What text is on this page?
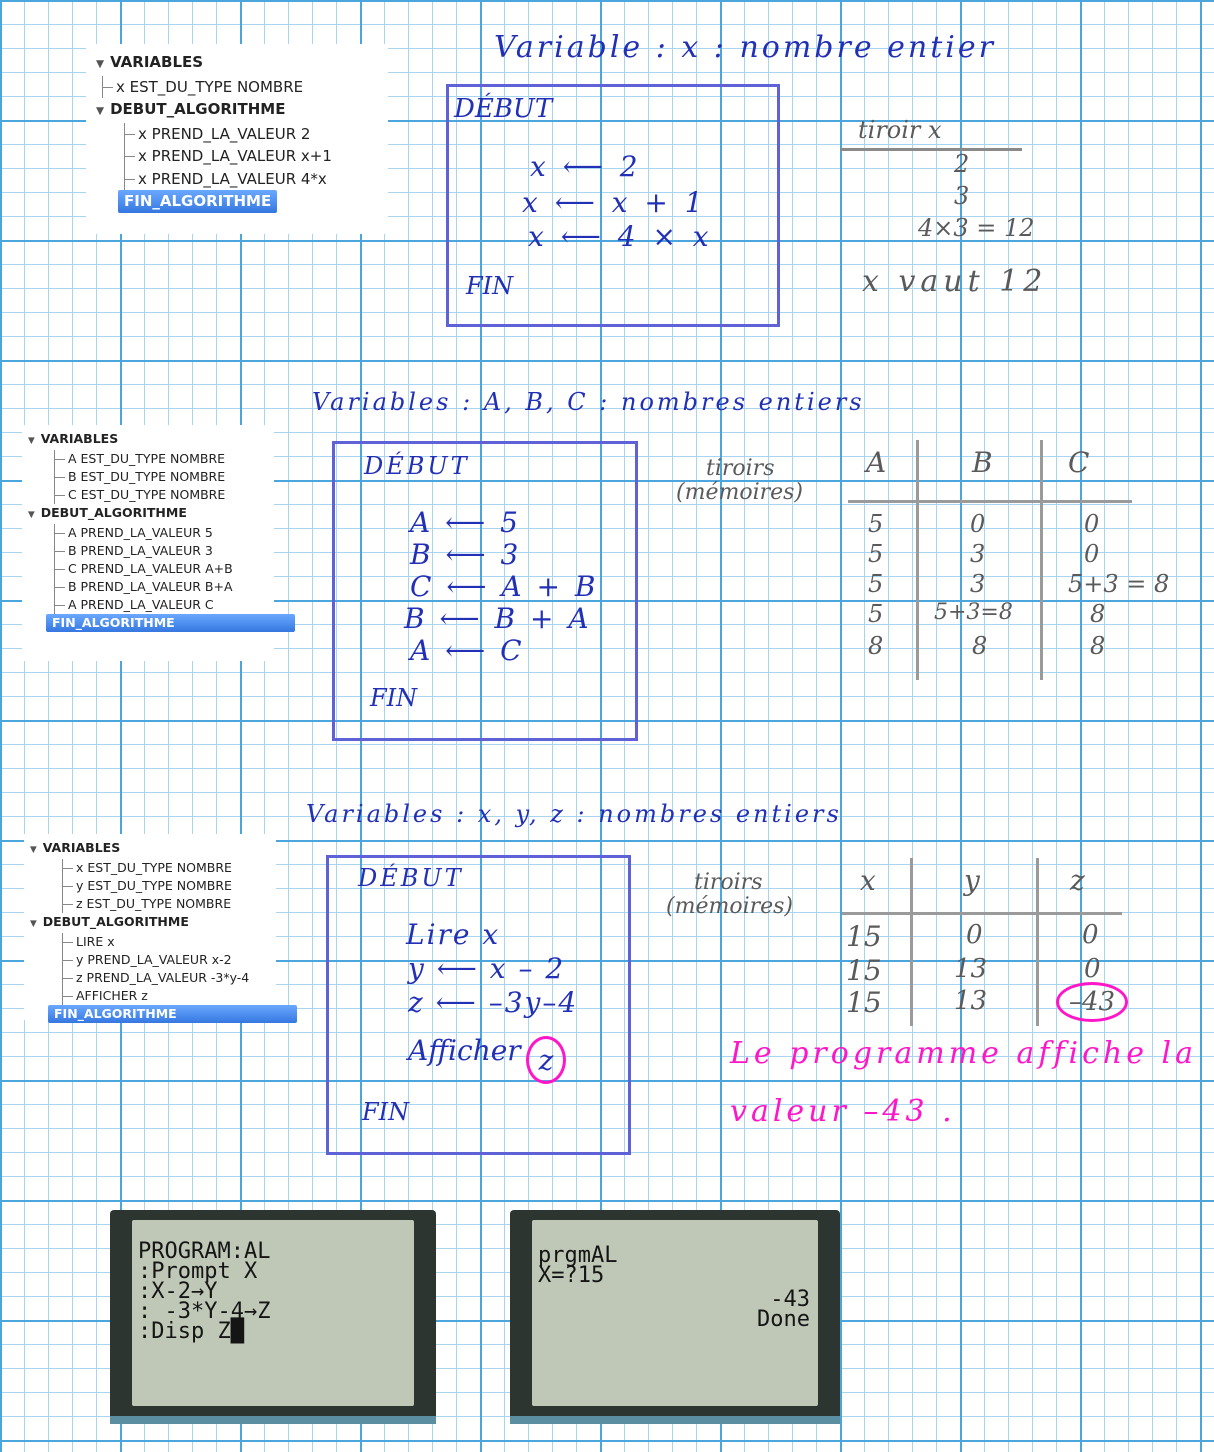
▼ VARIABLES
x EST_DU_TYPE NOMBRE
▼ DEBUT_ALGORITHME
x PREND_LA_VALEUR 2
x PREND_LA_VALEUR x+1
x PREND_LA_VALEUR 4*x
FIN_ALGORITHME
Variable : x : nombre entier
DÉBUT
x ⟵ 2
x ⟵ x + 1
x ⟵ 4 × x
FIN
tiroir x
2
3
4×3 = 12
x vaut 12
▼ VARIABLES
A EST_DU_TYPE NOMBRE
B EST_DU_TYPE NOMBRE
C EST_DU_TYPE NOMBRE
▼ DEBUT_ALGORITHME
A PREND_LA_VALEUR 5
B PREND_LA_VALEUR 3
C PREND_LA_VALEUR A+B
B PREND_LA_VALEUR B+A
A PREND_LA_VALEUR C
FIN_ALGORITHME
Variables : A, B, C : nombres entiers
DÉBUT
A ⟵ 5
B ⟵ 3
C ⟵ A + B
B ⟵ B + A
A ⟵ C
FIN
tiroirs
(mémoires)
A	B	C
5	0	0
5	3	0
5	3	5+3 = 8
5 5+3=8	8
8	8	8
▼ VARIABLES
x EST_DU_TYPE NOMBRE
y EST_DU_TYPE NOMBRE
z EST_DU_TYPE NOMBRE
▼ DEBUT_ALGORITHME
LIRE x
y PREND_LA_VALEUR x-2
z PREND_LA_VALEUR -3*y-4
AFFICHER z
FIN_ALGORITHME
Variables : x, y, z : nombres entiers
DÉBUT
Lire x
y ⟵ x – 2
z ⟵ –3y–4
Afficher z
FIN
tiroirs
(mémoires)
x	y	z
15	0	0
15	13	0
15	13	–43
Le programme affiche la
valeur –43 .
PROGRAM:AL
:Prompt X
:X-2→Y
: -3*Y-4→Z
:Disp Z█
prgmAL
X=?15
-43
Done
